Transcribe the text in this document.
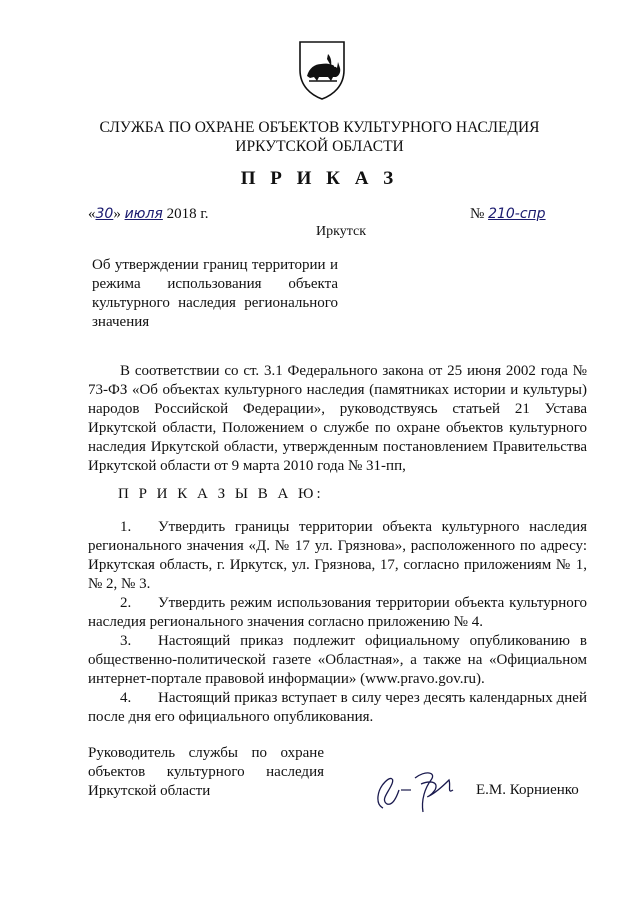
СЛУЖБА ПО ОХРАНЕ ОБЪЕКТОВ КУЛЬТУРНОГО НАСЛЕДИЯ
ИРКУТСКОЙ ОБЛАСТИ
П Р И К А З
«30» июля 2018 г.	№ 210-спр
Иркутск
Об утверждении границ территории и режима использования объекта культурного наследия регионального значения
В соответствии со ст. 3.1 Федерального закона от 25 июня 2002 года № 73-ФЗ «Об объектах культурного наследия (памятниках истории и культуры) народов Российской Федерации», руководствуясь статьей 21 Устава Иркутской области, Положением о службе по охране объектов культурного наследия Иркутской области, утвержденным постановлением Правительства Иркутской области от 9 марта 2010 года № 31-пп,
П Р И К А З Ы В А Ю:

1. Утвердить границы территории объекта культурного наследия регионального значения «Д. № 17 ул. Грязнова», расположенного по адресу: Иркутская область, г. Иркутск, ул. Грязнова, 17, согласно приложениям № 1, № 2, № 3.

2. Утвердить режим использования территории объекта культурного наследия регионального значения согласно приложению № 4.

3. Настоящий приказ подлежит официальному опубликованию в общественно-политической газете «Областная», а также на «Официальном интернет-портале правовой информации» (www.pravo.gov.ru).

4. Настоящий приказ вступает в силу через десять календарных дней после дня его официального опубликования.

Руководитель службы по охране
объектов культурного наследия
Иркутской области	Е.М. Корниенко
